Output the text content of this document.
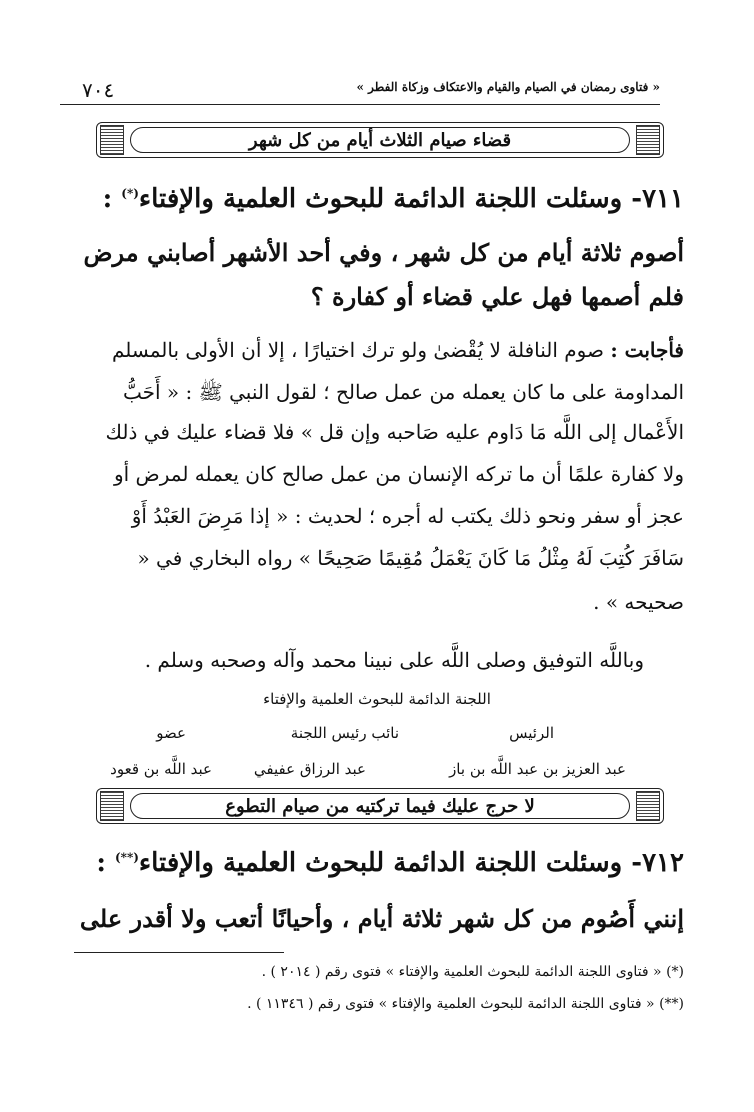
٧٠٤	« فتاوى رمضان في الصيام والقيام والاعتكاف وزكاة الفطر »
قضاء صيام الثلاث أيام من كل شهر
٧١١- وسئلت اللجنة الدائمة للبحوث العلمية والإفتاء(*) :
أصوم ثلاثة أيام من كل شهر ، وفي أحد الأشهر أصابني مرض
فلم أصمها فهل علي قضاء أو كفارة ؟
فأجابت : صوم النافلة لا يُقْضىٰ ولو ترك اختيارًا ، إلا أن الأولى بالمسلم
المداومة على ما كان يعمله من عمل صالح ؛ لقول النبي ﷺ : « أَحَبُّ
الأَعْمال إلى اللَّه مَا دَاوم عليه صَاحبه وإن قل » فلا قضاء عليك في ذلك
ولا كفارة علمًا أن ما تركه الإنسان من عمل صالح كان يعمله لمرض أو
عجز أو سفر ونحو ذلك يكتب له أجره ؛ لحديث : « إذا مَرِضَ العَبْدُ أَوْ
سَافَرَ كُتِبَ لَهُ مِثْلُ مَا كَانَ يَعْمَلُ مُقِيمًا صَحِيحًا » رواه البخاري في «
صحيحه » .
وباللَّه التوفيق وصلى اللَّه على نبينا محمد وآله وصحبه وسلم .
اللجنة الدائمة للبحوث العلمية والإفتاء
الرئيس
نائب رئيس اللجنة
عضو
عبد العزيز بن عبد اللَّه بن باز
عبد الرزاق عفيفي
عبد اللَّه بن قعود
لا حرج عليك فيما تركتيه من صيام التطوع
٧١٢- وسئلت اللجنة الدائمة للبحوث العلمية والإفتاء(**) :
إنني أَصُوم من كل شهر ثلاثة أيام ، وأحيانًا أتعب ولا أقدر على
(*) « فتاوى اللجنة الدائمة للبحوث العلمية والإفتاء » فتوى رقم ( ٢٠١٤ ) .
(**) « فتاوى اللجنة الدائمة للبحوث العلمية والإفتاء » فتوى رقم ( ١١٣٤٦ ) .
